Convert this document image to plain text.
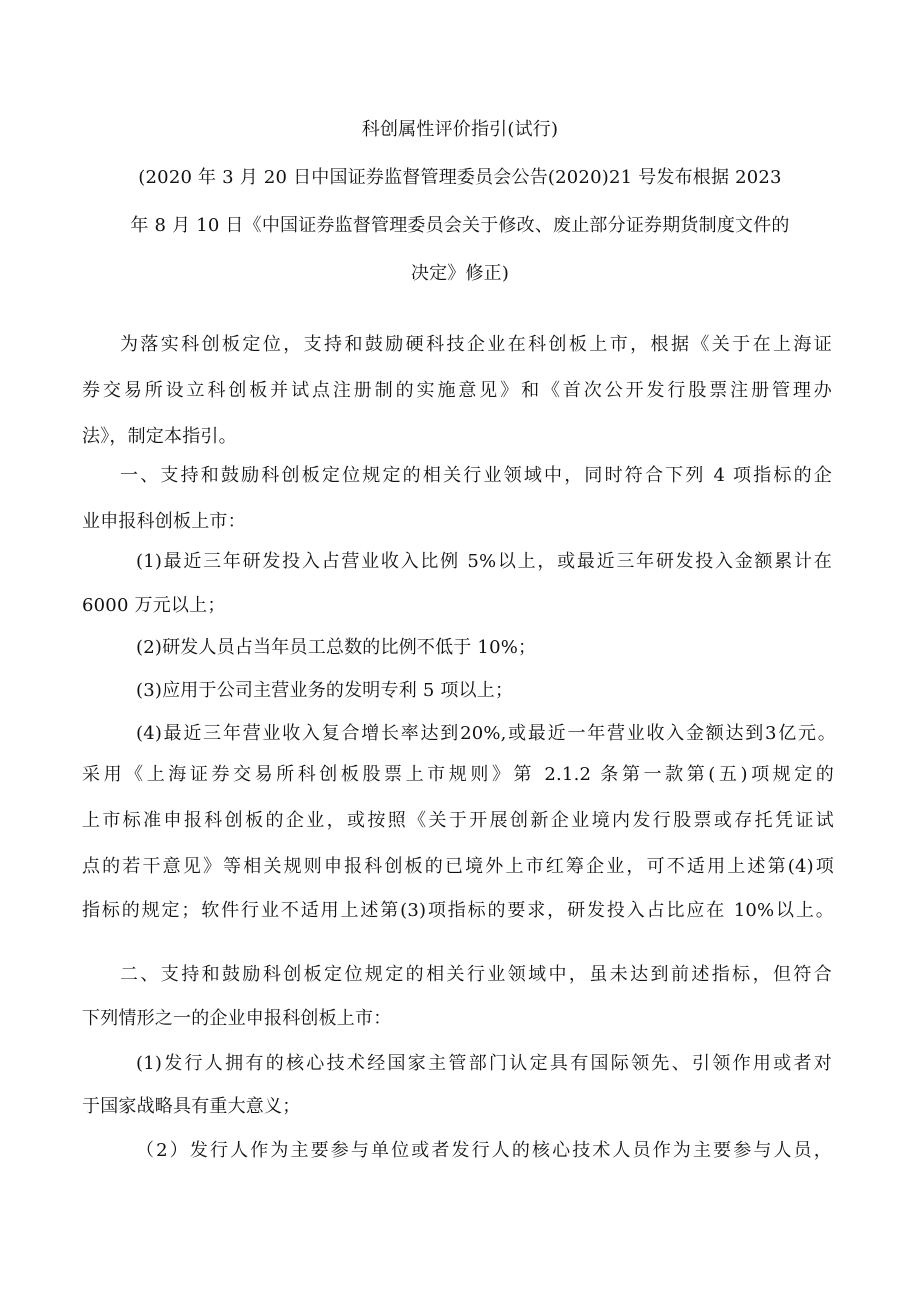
科创属性评价指引(试行)
(2020 年 3 月 20 日中国证券监督管理委员会公告(2020)21 号发布根据 2023
年 8 月 10 日《中国证券监督管理委员会关于修改、废止部分证券期货制度文件的
决定》修正)
为落实科创板定位，支持和鼓励硬科技企业在科创板上市，根据《关于在上海证
券交易所设立科创板并试点注册制的实施意见》和《首次公开发行股票注册管理办
法》，制定本指引。
一、支持和鼓励科创板定位规定的相关行业领域中，同时符合下列 4 项指标的企
业申报科创板上市：
(1)最近三年研发投入占营业收入比例 5%以上，或最近三年研发投入金额累计在
6000 万元以上；
(2)研发人员占当年员工总数的比例不低于 10%；
(3)应用于公司主营业务的发明专利 5 项以上；
(4)最近三年营业收入复合增长率达到20%,或最近一年营业收入金额达到3亿元。
采用《上海证券交易所科创板股票上市规则》第 2.1.2 条第一款第(五)项规定的
上市标准申报科创板的企业，或按照《关于开展创新企业境内发行股票或存托凭证试
点的若干意见》等相关规则申报科创板的已境外上市红筹企业，可不适用上述第(4)项
指标的规定；软件行业不适用上述第(3)项指标的要求，研发投入占比应在 10%以上。
二、支持和鼓励科创板定位规定的相关行业领域中，虽未达到前述指标，但符合
下列情形之一的企业申报科创板上市：
(1)发行人拥有的核心技术经国家主管部门认定具有国际领先、引领作用或者对
于国家战略具有重大意义；
（2）发行人作为主要参与单位或者发行人的核心技术人员作为主要参与人员，
